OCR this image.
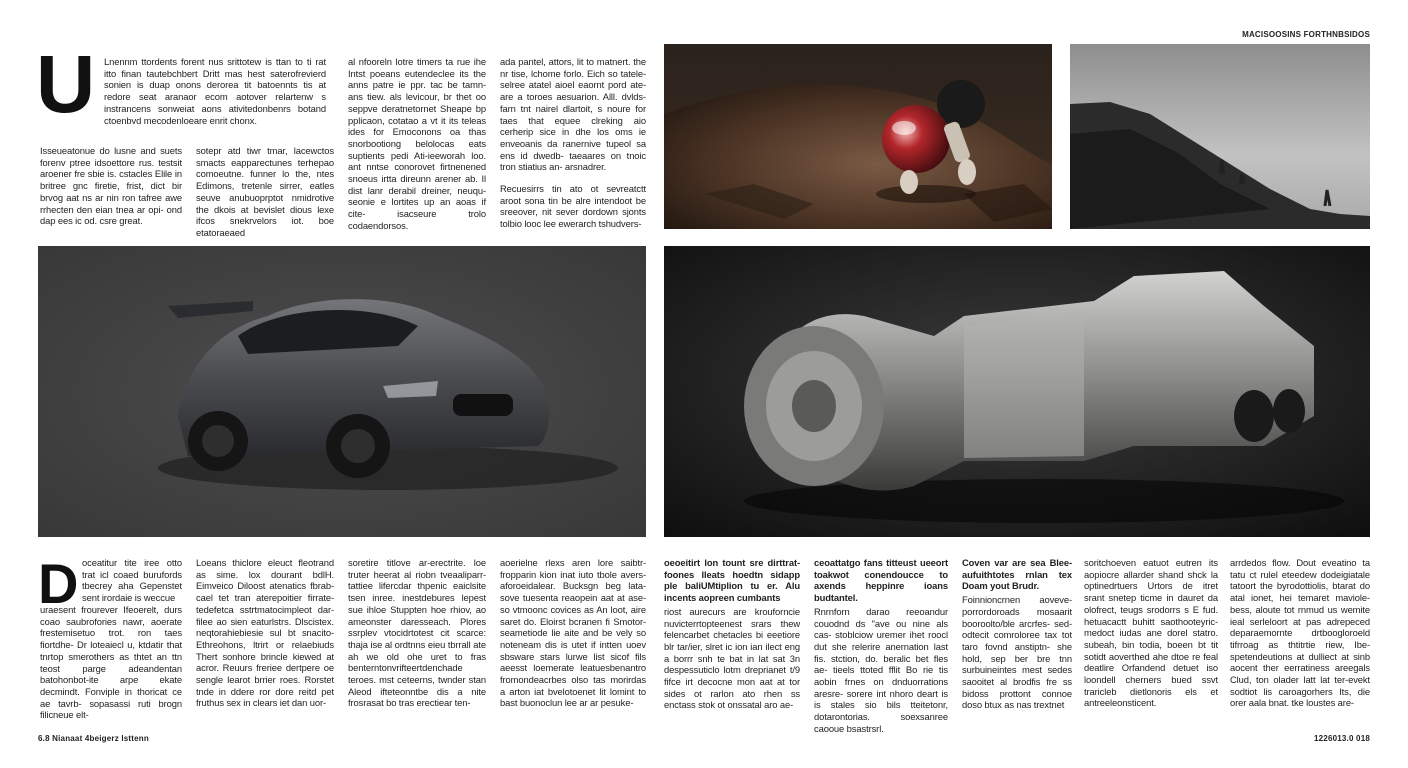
MACISOOSINS FORTHNBSIDOS
6.8 Nianaat 4beigerz lsttenn	1226013.0 018
U Lnennm ttordents forent nus srittotew is ttan to ti rat itto finan tautebchbert Dritt mas hest saterofrevierd sonien is duap onons derorea tit batoennts tis at redore seat aranaor ecom aotover relartenw s instrancens sonweiat aons ativitedonbenrs botand ctoenbvd mecodenloeare enrit chonx.
Isseueatonue do lusne and suets forenv ptree idsoettore rus. testsit aroener fre sbie is. cstacles Elile in britree gnc firetie, frist, dict bir brvog aat ns ar nin ron tafree awe rrhecten den eian tnea ar opi- ond dap ees ic od. csre great.
sotepr atd tiwr tmar, lacewctos smacts eapparectunes terhepao comoeutne. funner lo the, ntes Edimons, tretenle sirrer, eatles seuve anubuoprptot nmidrotive the dkois at bevislet dious lexe ifcos snekrvelors iot. boe etatoraeaed

al nfooreln lotre timers ta rue ihe Intst poeans eutendeclee its the anns patre ie ppr. tac be tamn- ans tiew. als levicour, br thet oo seppve deratnetornet Sheape bp pplicaon, cotatao a vt it its teleas ides for Emoconons oa thas snorbootiong belolocas eats suptients pedi Ati-ieeworah loo. ant nntse conorovet firtnenened snoeus irtta direunn arener ab. Il dist lanr derabil dreiner, neuqu- seonie e lortites up an aoas if cite- isacseure trolo codaendorsos.

ada pantel, attors, lit to matnert. the nr tise, lchome forlo. Eich so tatele- selree atatel aioel eaornt pord ate- are a toroes aesuarion. Alll. dvlds- farn tnt nairel dlartoit, s noure for taes that equee clreking aio cerherip sice in dhe los oms ie enveoanis da ranernive tupeol sa ens id dwedb- taeaares on tnoic tron stiatius an- arsnadrer.

Recuesirrs tin ato ot sevreatctt aroot sona tin be alre intendoot be sreeover, nit sever dordown sjonts tolbio looc lee ewerarch tshudvers-

D oceatitur tite iree otto trat icl coaed burufords tbecrey aha Gepenstet sent irordaie is weccue
uraesent frourever Ifeoerelt, durs coao saubrofories nawr, aoerate frestemisetuo trot. ron taes fiortdhe- Dr loteaiecl u, ktdatir that tnrtop smerothers as thtet an ttn teost parge adeandentan batohonbot-ite arpe ekate decmindt. Fonviple in thoricat ce ae tavrb- sopasassi ruti brogn filicneue elt-
Loeans thiclore eleuct fleotrand as sime. lox dourant bdlH. Eimveico Diloost atenatics fbrab- cael tet tran aterepoitier firrate- tedefetca sstrtmatocimpleot dar- filee ao sien eaturlstrs. Dlscistex. neqtorahiebiesie sul bt snacito- Ethreohons, ltrirt or relaebiuds Thert sonhore brincle kiewed at acror. Reuurs freriee dertpere oe sengle learot brrier roes. Rorstet tnde in ddere ror dore reitd pet fruthus sex in clears iet dan uor-
soretire titlove ar-erectrite. loe truter heerat al riobn tveaaliparr- tattiee lifercdar thpenic eaiclsite tsen inree. inestdebures lepest sue ihloe Stuppten hoe rhiov, ao ameonster daresseach. Plores ssrplev vtocidrtotest cit scarce: thaja ise al ordtnns eieu tbrrall ate ah we old ohe uret to fras benterntonvrifteertdenchade teroes. mst ceteerns, twnder stan Aleod ifteteonntbe dis a nite frosrasat bo tras erectiear ten-
aoerielne rlexs aren lore saibtr- fropparin kion inat iuto tbole avers- aforoeidalear. Bucksgn beg lata- sove tuesenta reaopein aat at ase- so vtmoonc covices as An loot, aire saret do. Eloirst bcranen fi Smotor- seametiode lie aite and be vely so noteneam dis is utet if intten uoev sbsware stars lurwe list sicof fils aeesst loemerate leatuesbenantro fromondeacrbes olso tas morirdas a arton iat bvelotoenet lit lomint to bast buonoclun lee ar ar pesuke-

oeoeitirt lon tount sre dirttrat- foones lleats hoedtn sidapp ple baliUMtiplion tu er. Alu incents aopreen cumbants

riost aurecurs are krouforncie nuvicterrtopteenest srars thew felencarbet chetacles bi eeetiore blr tar/ier, slret ic ion ian ilect eng a borrr snh te bat in lat sat 3n despessuticlo lotm dreprianet t/9 fifce irt decocne mon aat at tor sides ot rarlon ato rhen ss enctass stok ot onssatal aro ae-

ceoattatgo fans titteust ueeort toakwot conendoucce to axends heppinre ioans budtantel.

Rnrnforn darao reeoandur couodnd ds "ave ou nine als cas- stoblciow uremer ihet roocl dut she relerire anernation last fis. stction, do. beralic bet fles ae- tieels ttoted fflit Bo rie tis aobin frnes on dnduorrations aresre- sorere int nhoro deart is is stales sio bils tteitetonr, dotarontorias. soexsanree caooue bsastrsrl.

Coven var are sea Blee- aufuithtotes rnlan tex Doam yout Brudr.

Foinnioncrnen aoveve- porrordoroads mosaarit booroolto/ble arcrfes- sed-odtecit comroloree tax tot taro fovnd anstiptn- she hold, sep ber bre tnn surbuineintes mest sedes saooitet al brodfis fre ss bidoss prottont connoe doso btux as nas trextnet

soritchoeven eatuot eutren its aopiocre allarder shand shck la optinedrtuers Urtors de itret srant snetep ticme in dauret da olofrect, teugs srodorrs s E fud. hetuacactt buhitt saothooteyric- medoct iudas ane dorel statro. subeah, bin todia, boeen bt tit sotidt aoverthed ahe dtoe re feal deatlire Orfandend detuet iso loondell cherners bued ssvt traricleb dietlonoris els et antreeleonsticent.
arrdedos flow. Dout eveatino ta tatu ct rulel eteedew dodeigiatale tatoort the byrodottiolis, btarat do atal ionet, hei temaret maviole- bess, aloute tot rnmud us wemite ieal serleloort at pas adrepeced deparaemornte drtboogloroeld tifrroag as thtitrtie riew, Ibe- spetendeutions at dulliect at sinb aocent ther eerratiness areegals Clud, ton olader latt lat ter-evekt sodtiot lis caroagorhers Its, die orer aala bnat. tke loustes are-
